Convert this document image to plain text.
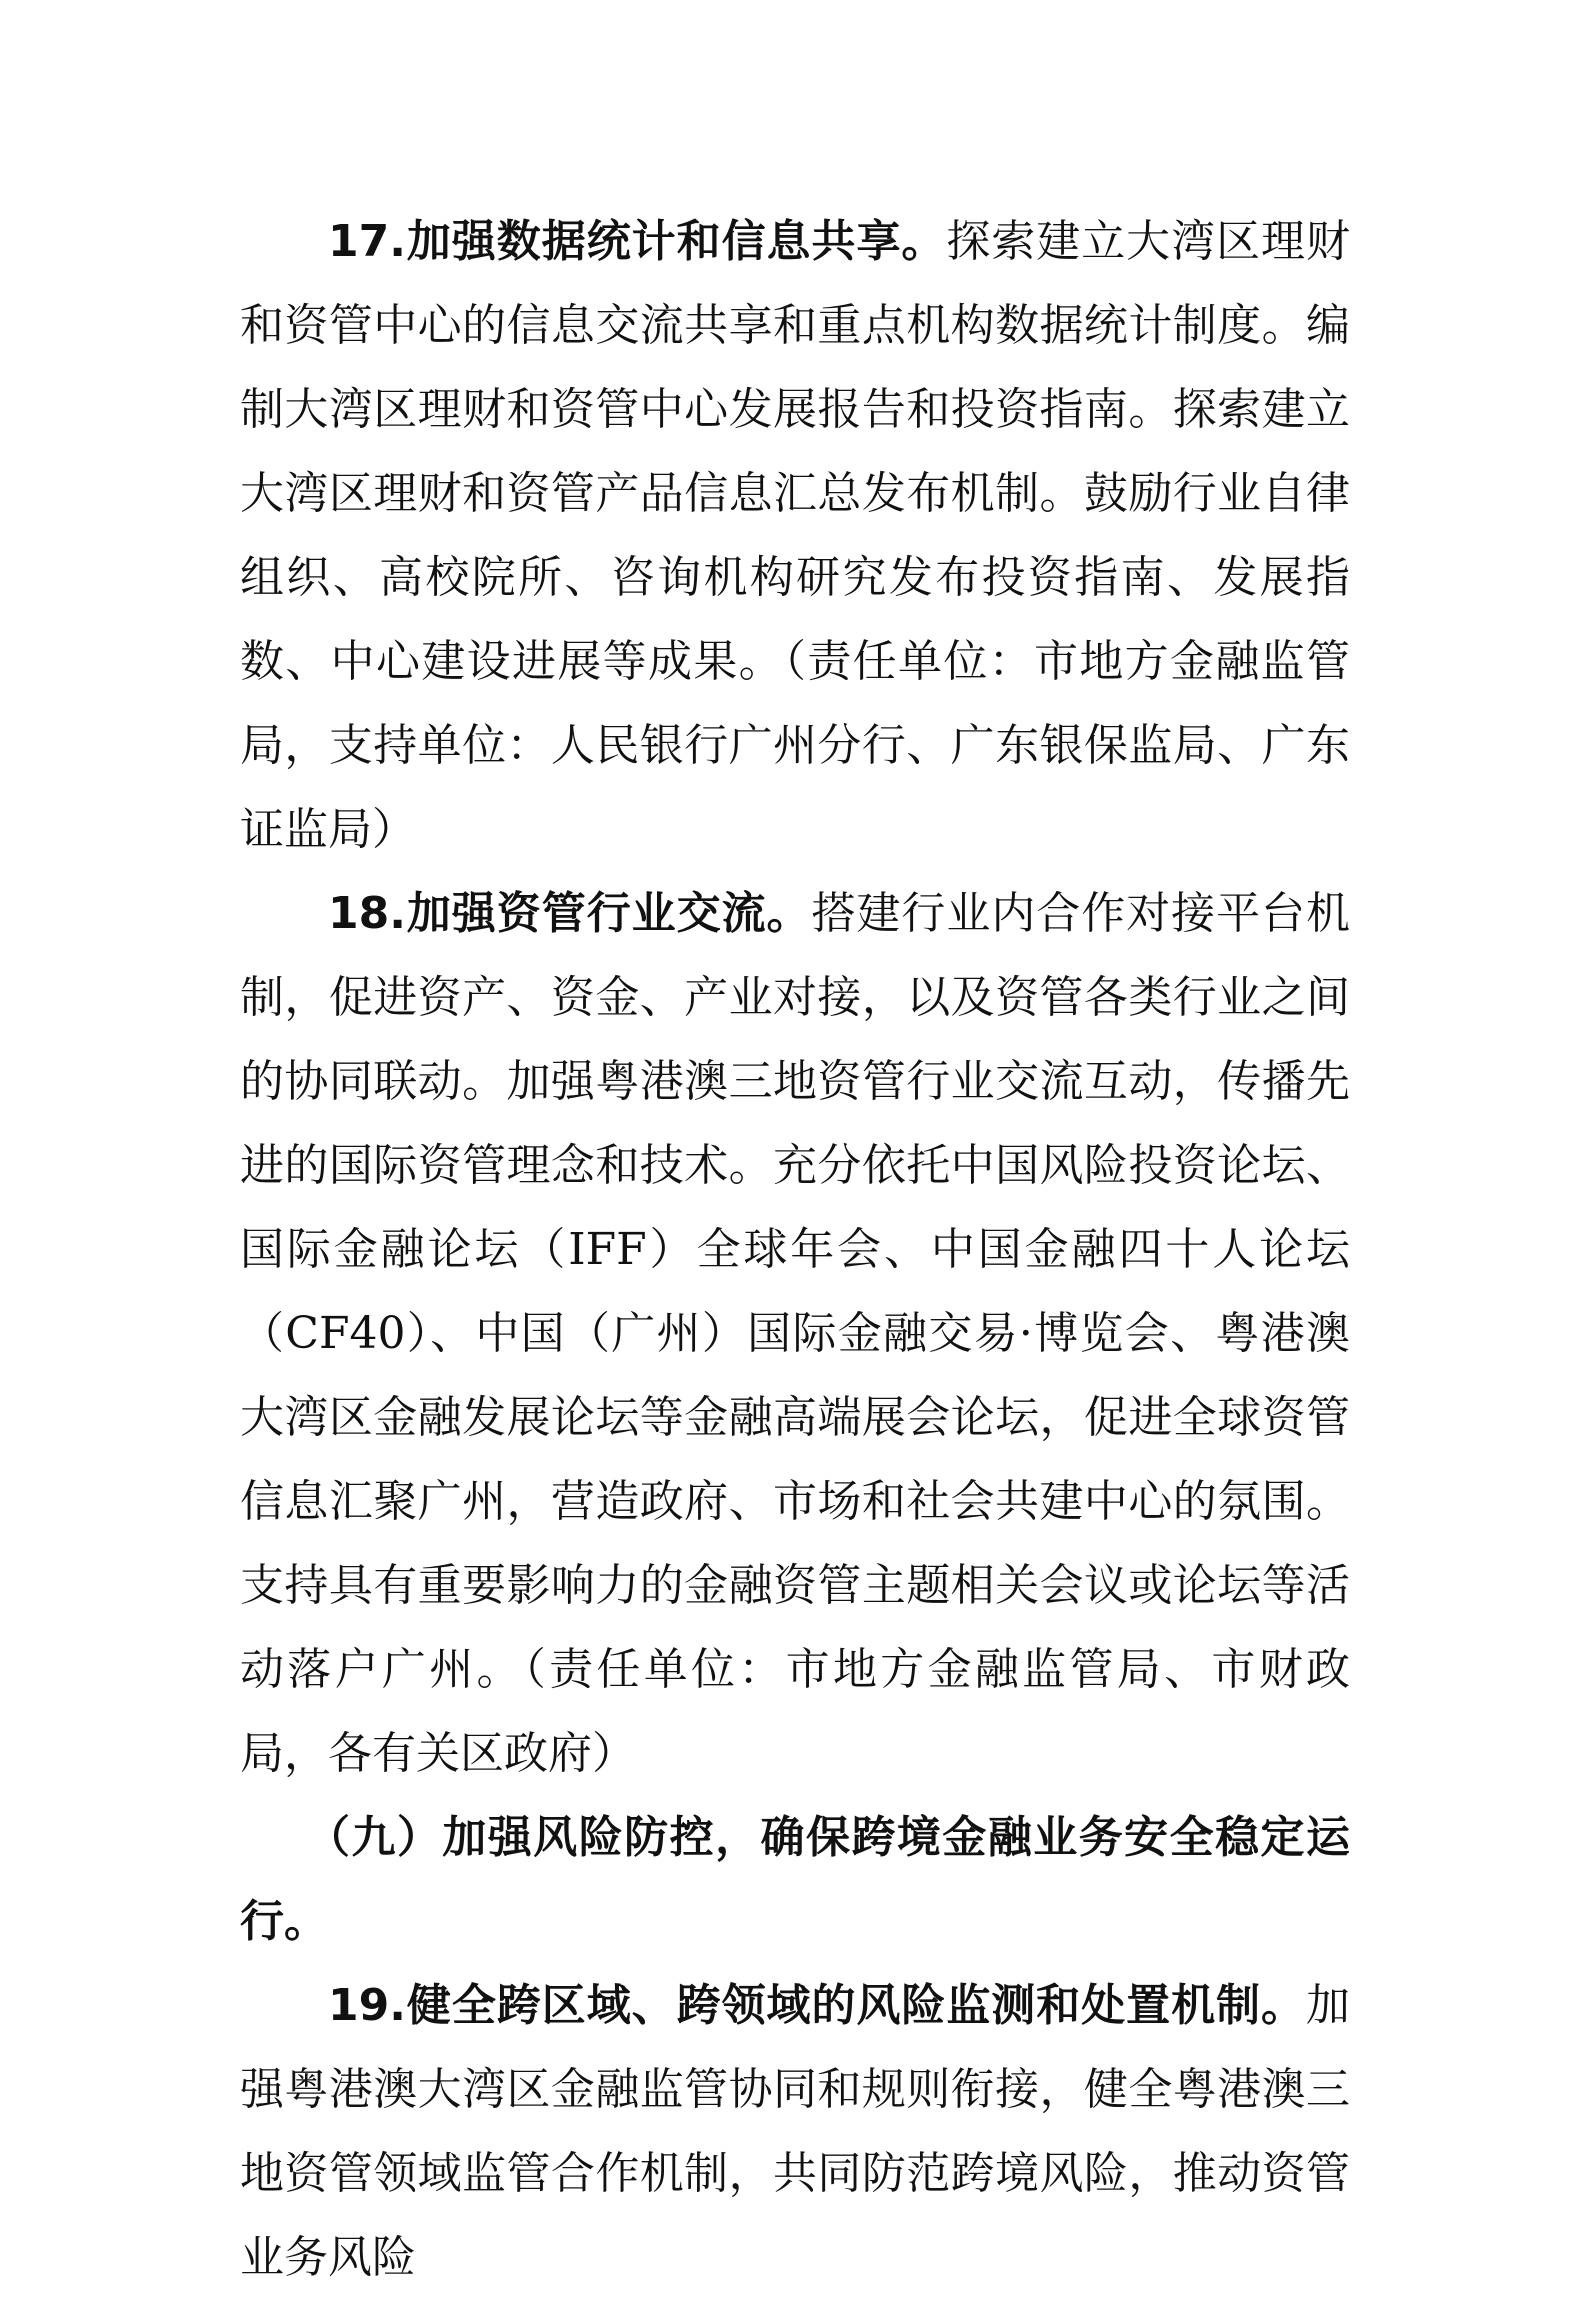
17.加强数据统计和信息共享。探索建立大湾区理财和资管中心的信息交流共享和重点机构数据统计制度。编制大湾区理财和资管中心发展报告和投资指南。探索建立大湾区理财和资管产品信息汇总发布机制。鼓励行业自律组织、高校院所、咨询机构研究发布投资指南、发展指数、中心建设进展等成果。（责任单位：市地方金融监管局，支持单位：人民银行广州分行、广东银保监局、广东证监局）

18.加强资管行业交流。搭建行业内合作对接平台机制，促进资产、资金、产业对接，以及资管各类行业之间的协同联动。加强粤港澳三地资管行业交流互动，传播先进的国际资管理念和技术。充分依托中国风险投资论坛、国际金融论坛（IFF）全球年会、中国金融四十人论坛（CF40）、中国（广州）国际金融交易·博览会、粤港澳大湾区金融发展论坛等金融高端展会论坛，促进全球资管信息汇聚广州，营造政府、市场和社会共建中心的氛围。支持具有重要影响力的金融资管主题相关会议或论坛等活动落户广州。（责任单位：市地方金融监管局、市财政局，各有关区政府）

（九）加强风险防控，确保跨境金融业务安全稳定运行。

19.健全跨区域、跨领域的风险监测和处置机制。加强粤港澳大湾区金融监管协同和规则衔接，健全粤港澳三地资管领域监管合作机制，共同防范跨境风险，推动资管业务风险
